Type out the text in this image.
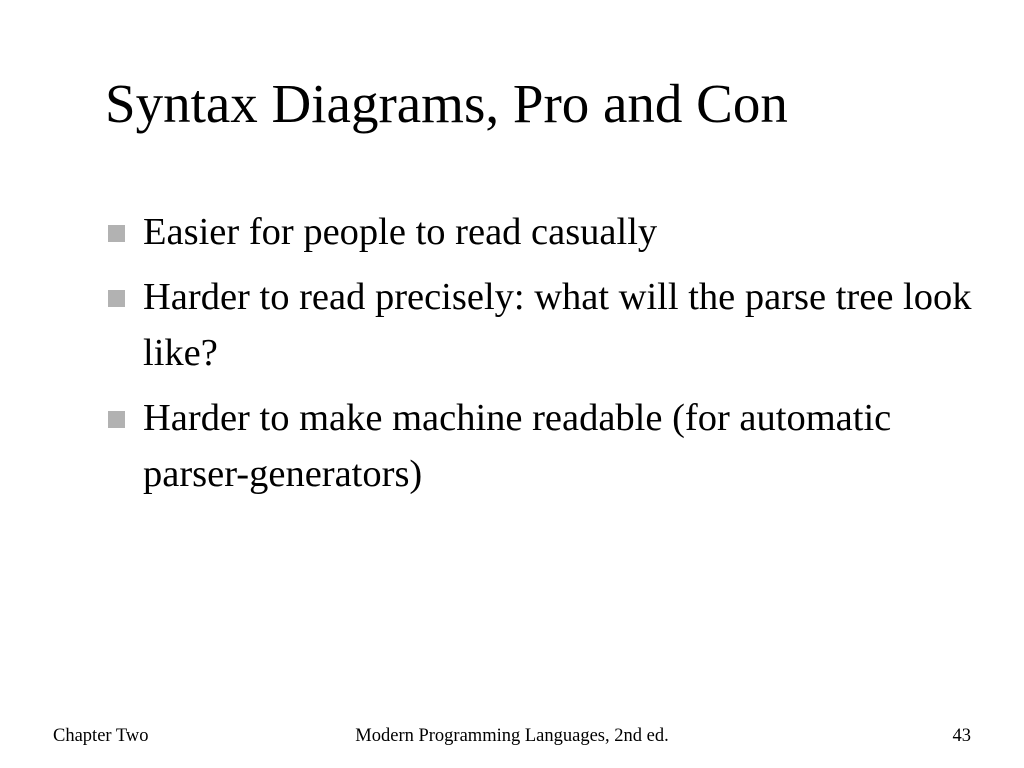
Syntax Diagrams, Pro and Con
Easier for people to read casually
Harder to read precisely: what will the parse tree look like?
Harder to make machine readable (for automatic parser-generators)
Modern Programming Languages, 2nd ed.
Chapter Two	43
